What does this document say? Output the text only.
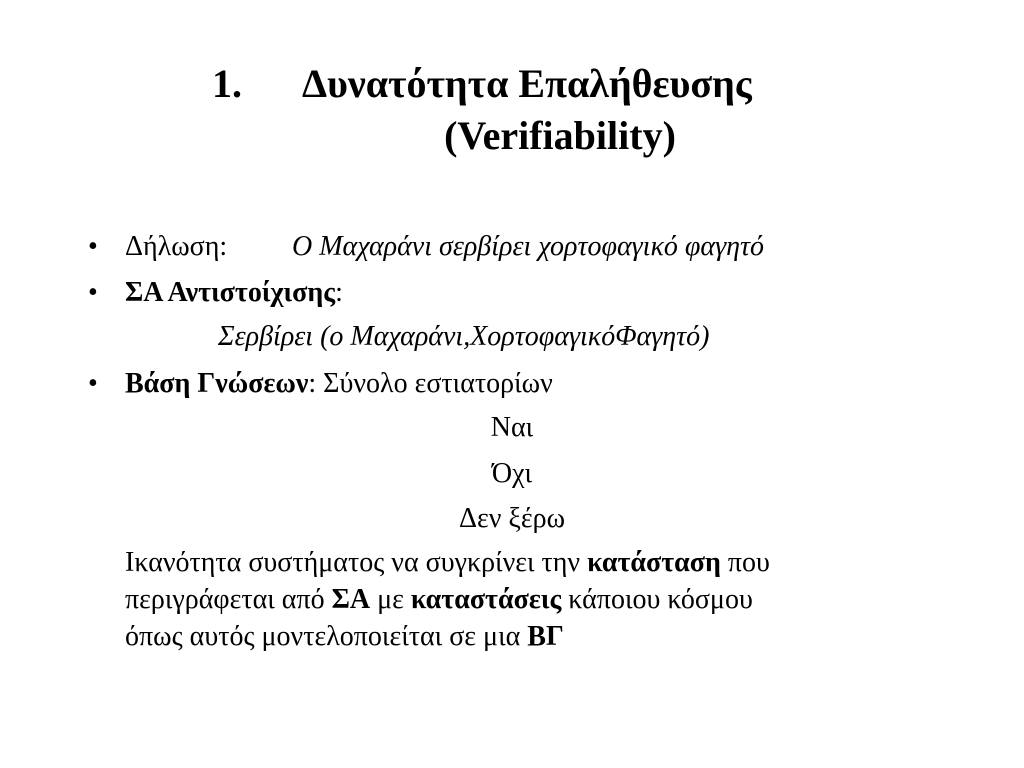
1. Δυνατότητα Επαλήθευσης
(Verifiability)
• Δήλωση: Ο Μαχαράνι σερβίρει χορτοφαγικό φαγητό
• ΣΑ Αντιστοίχισης:
Σερβίρει (ο Μαχαράνι,ΧορτοφαγικόΦαγητό)
• Βάση Γνώσεων: Σύνολο εστιατορίων
Ναι
Όχι
Δεν ξέρω
Ικανότητα συστήματος να συγκρίνει την κατάσταση που
περιγράφεται από ΣΑ με καταστάσεις κάποιου κόσμου
όπως αυτός μοντελοποιείται σε μια ΒΓ
